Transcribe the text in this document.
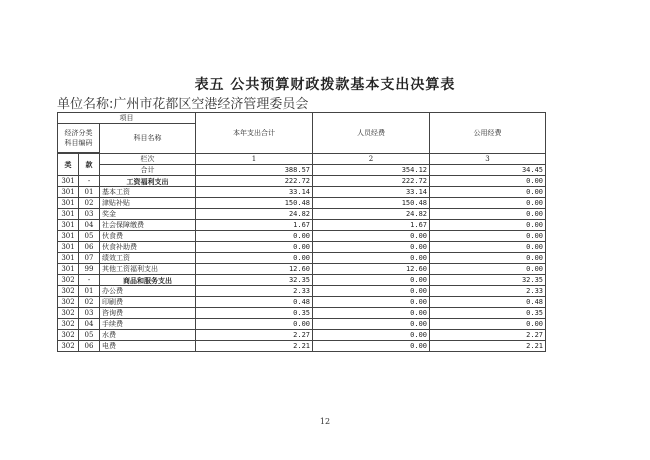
表五 公共预算财政拨款基本支出决算表
单位名称:广州市花都区空港经济管理委员会
项目			本年支出合计	人员经费	公用经费
经济分类
科目编码		科目名称			

类	款	栏次	1	2	3
		合计	388.57	354.12	34.45
301	-	工资福利支出	222.72	222.72	0.00
301	01	基本工资	33.14	33.14	0.00
301	02	津贴补贴	150.48	150.48	0.00
301	03	奖金	24.82	24.82	0.00
301	04	社会保障缴费	1.67	1.67	0.00
301	05	伙食费	0.00	0.00	0.00
301	06	伙食补助费	0.00	0.00	0.00
301	07	绩效工资	0.00	0.00	0.00
301	99	其他工资福利支出	12.60	12.60	0.00
302	-	商品和服务支出	32.35	0.00	32.35
302	01	办公费	2.33	0.00	2.33
302	02	印刷费	0.48	0.00	0.48
302	03	咨询费	0.35	0.00	0.35
302	04	手续费	0.00	0.00	0.00
302	05	水费	2.27	0.00	2.27
302	06	电费	2.21	0.00	2.21
12
